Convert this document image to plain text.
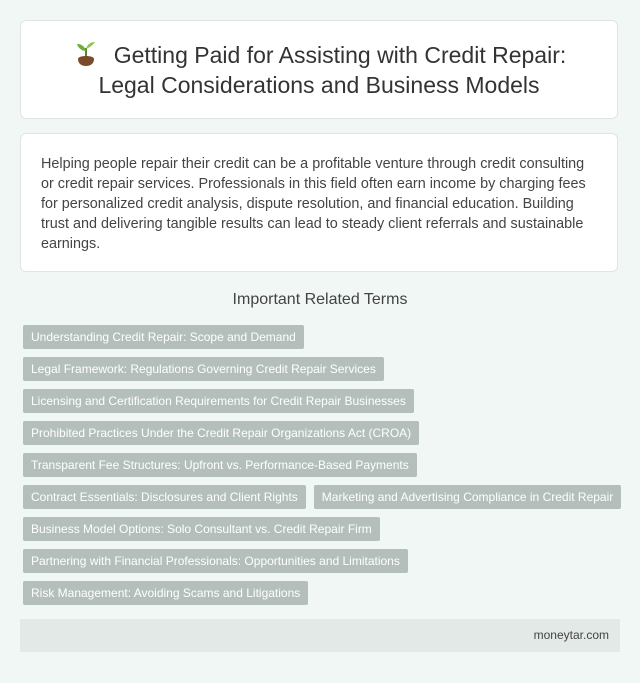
Getting Paid for Assisting with Credit Repair: Legal Considerations and Business Models

Helping people repair their credit can be a profitable venture through credit consulting or credit repair services. Professionals in this field often earn income by charging fees for personalized credit analysis, dispute resolution, and financial education. Building trust and delivering tangible results can lead to steady client referrals and sustainable earnings.

Important Related Terms
Understanding Credit Repair: Scope and Demand
Legal Framework: Regulations Governing Credit Repair Services
Licensing and Certification Requirements for Credit Repair Businesses
Prohibited Practices Under the Credit Repair Organizations Act (CROA)
Transparent Fee Structures: Upfront vs. Performance-Based Payments
Contract Essentials: Disclosures and Client Rights	Marketing and Advertising Compliance in Credit Repair
Business Model Options: Solo Consultant vs. Credit Repair Firm
Partnering with Financial Professionals: Opportunities and Limitations
Risk Management: Avoiding Scams and Litigations
moneytar.com
